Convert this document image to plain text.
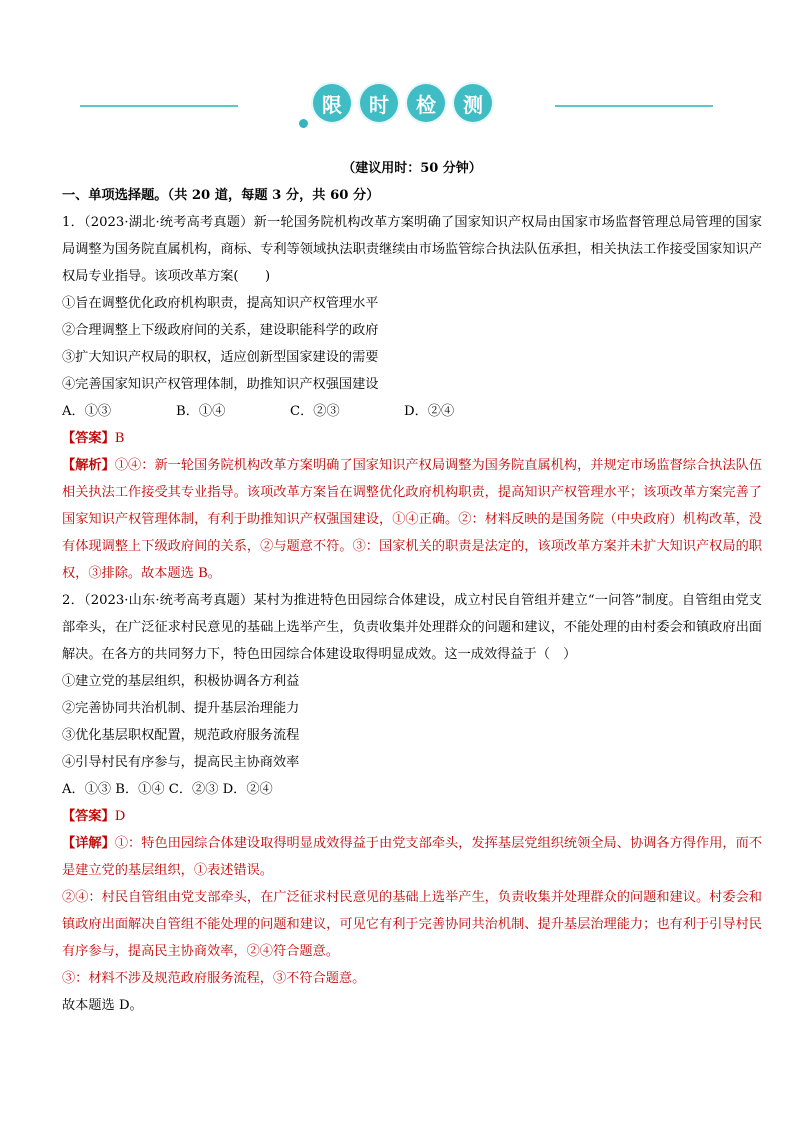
限	时	检	测
（建议用时：50 分钟）

一、单项选择题。（共 20 道，每题 3 分，共 60 分）

1．（2023·湖北·统考高考真题）新一轮国务院机构改革方案明确了国家知识产权局由国家市场监督管理总局管理的国家局调整为国务院直属机构，商标、专利等领域执法职责继续由市场监管综合执法队伍承担，相关执法工作接受国家知识产权局专业指导。该项改革方案(　　)

①旨在调整优化政府机构职责，提高知识产权管理水平

②合理调整上下级政府间的关系，建设职能科学的政府

③扩大知识产权局的职权，适应创新型国家建设的需要

④完善国家知识产权管理体制，助推知识产权强国建设

A．①③	B．①④	C．②③	D．②④
【答案】B
【解析】①④：新一轮国务院机构改革方案明确了国家知识产权局调整为国务院直属机构，并规定市场监督综合执法队伍相关执法工作接受其专业指导。该项改革方案旨在调整优化政府机构职责，提高知识产权管理水平；该项改革方案完善了国家知识产权管理体制，有利于助推知识产权强国建设，①④正确。②：材料反映的是国务院（中央政府）机构改革，没有体现调整上下级政府间的关系，②与题意不符。③：国家机关的职责是法定的，该项改革方案并未扩大知识产权局的职权，③排除。故本题选 B。

2．（2023·山东·统考高考真题）某村为推进特色田园综合体建设，成立村民自管组并建立“一问答”制度。自管组由党支部牵头，在广泛征求村民意见的基础上选举产生，负责收集并处理群众的问题和建议，不能处理的由村委会和镇政府出面解决。在各方的共同努力下，特色田园综合体建设取得明显成效。这一成效得益于（　）

①建立党的基层组织，积极协调各方利益

②完善协同共治机制、提升基层治理能力

③优化基层职权配置，规范政府服务流程

④引导村民有序参与，提高民主协商效率

A．①③ B．①④ C．②③ D．②④

【答案】D
【详解】①：特色田园综合体建设取得明显成效得益于由党支部牵头，发挥基层党组织统领全局、协调各方得作用，而不是建立党的基层组织，①表述错误。
②④：村民自管组由党支部牵头，在广泛征求村民意见的基础上选举产生，负责收集并处理群众的问题和建议。村委会和镇政府出面解决自管组不能处理的问题和建议，可见它有利于完善协同共治机制、提升基层治理能力；也有利于引导村民有序参与，提高民主协商效率，②④符合题意。
③：材料不涉及规范政府服务流程，③不符合题意。

故本题选 D。
